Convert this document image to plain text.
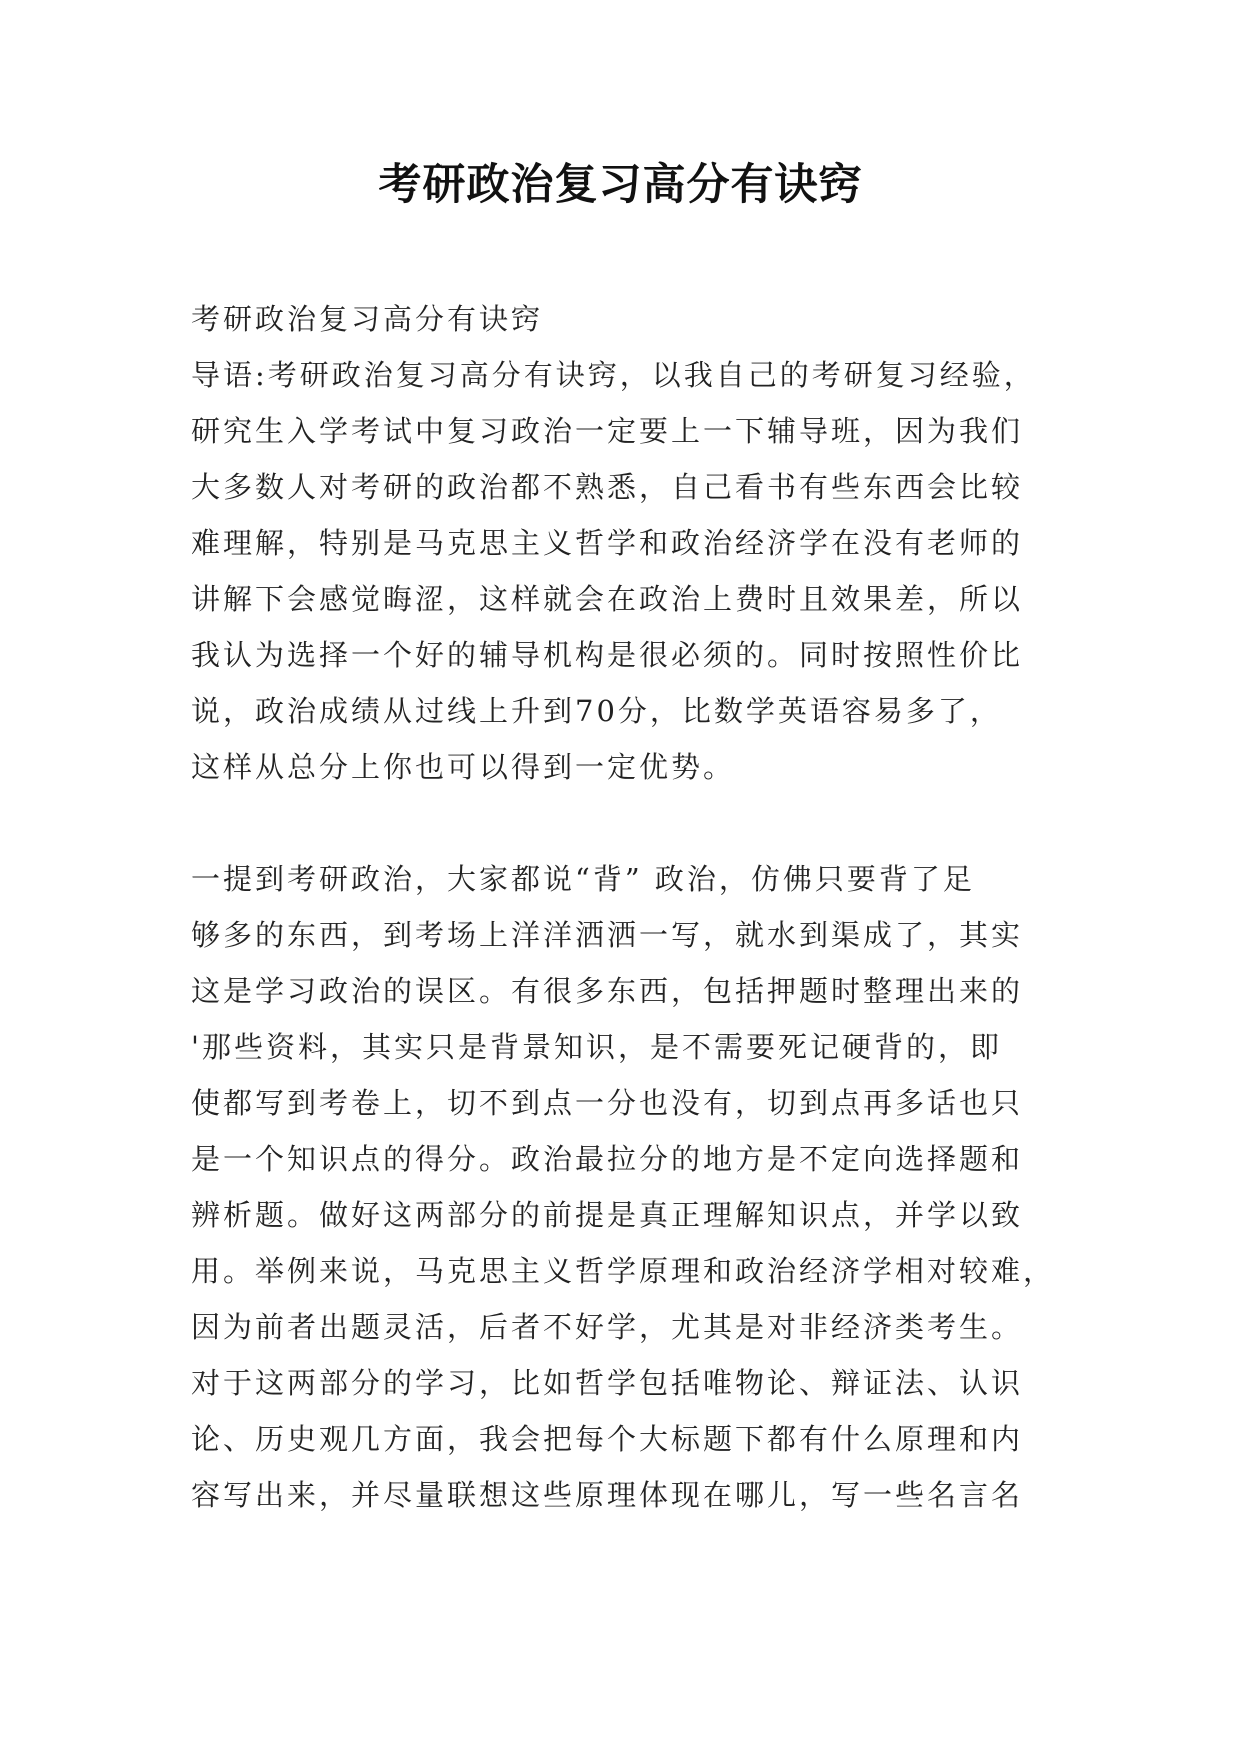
考研政治复习高分有诀窍
考研政治复习高分有诀窍
导语:考研政治复习高分有诀窍，以我自己的考研复习经验，
研究生入学考试中复习政治一定要上一下辅导班，因为我们
大多数人对考研的政治都不熟悉，自己看书有些东西会比较
难理解，特别是马克思主义哲学和政治经济学在没有老师的
讲解下会感觉晦涩，这样就会在政治上费时且效果差，所以
我认为选择一个好的辅导机构是很必须的。同时按照性价比
说，政治成绩从过线上升到70分，比数学英语容易多了，
这样从总分上你也可以得到一定优势。
一提到考研政治，大家都说“背” 政治，仿佛只要背了足
够多的东西，到考场上洋洋洒洒一写，就水到渠成了，其实
这是学习政治的误区。有很多东西，包括押题时整理出来的
'那些资料，其实只是背景知识，是不需要死记硬背的，即
使都写到考卷上，切不到点一分也没有，切到点再多话也只
是一个知识点的得分。政治最拉分的地方是不定向选择题和
辨析题。做好这两部分的前提是真正理解知识点，并学以致
用。举例来说，马克思主义哲学原理和政治经济学相对较难，
因为前者出题灵活，后者不好学，尤其是对非经济类考生。
对于这两部分的学习，比如哲学包括唯物论、辩证法、认识
论、历史观几方面，我会把每个大标题下都有什么原理和内
容写出来，并尽量联想这些原理体现在哪儿，写一些名言名
